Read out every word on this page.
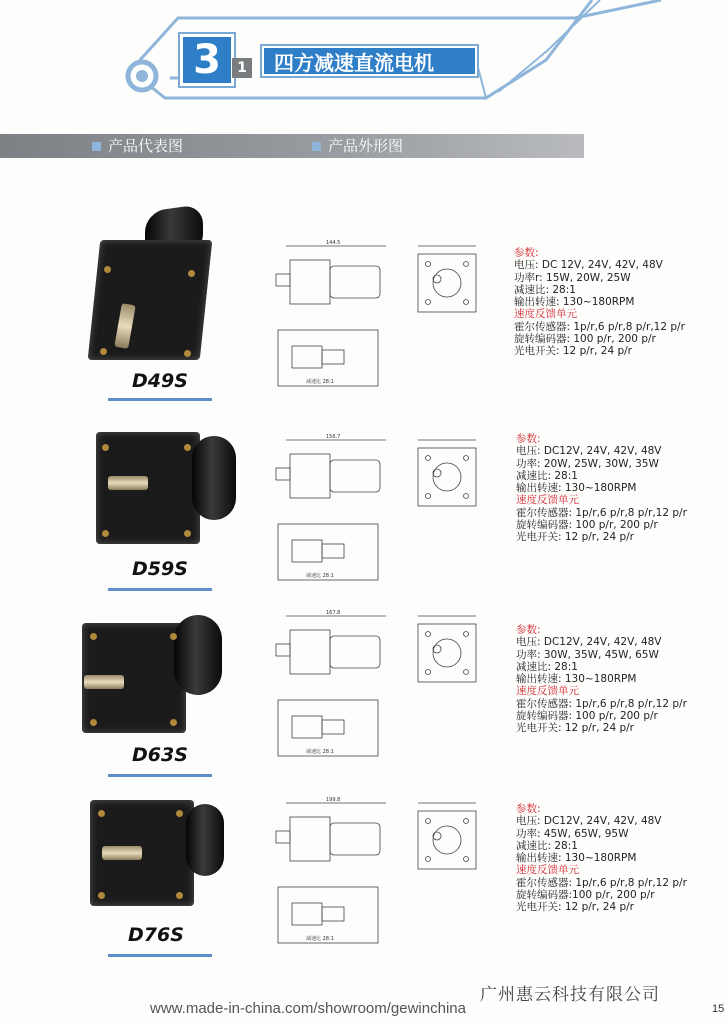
3	1	四方减速直流电机
产品代表图	产品外形图
D49S
D59S
D63S
D76S
144.5
减速比 28:1
156.7
减速比 28:1
167.8
减速比 28:1
199.8
减速比 28:1
参数:
电压: DC 12V, 24V, 42V, 48V
功率r: 15W, 20W, 25W
减速比: 28:1
输出转速: 130~180RPM
速度反馈单元
霍尔传感器: 1p/r,6 p/r,8 p/r,12 p/r
旋转编码器: 100 p/r, 200 p/r
光电开关: 12 p/r, 24 p/r
参数:
电压: DC12V, 24V, 42V, 48V
功率: 20W, 25W, 30W, 35W
减速比: 28:1
输出转速: 130~180RPM
速度反馈单元
霍尔传感器: 1p/r,6 p/r,8 p/r,12 p/r
旋转编码器: 100 p/r, 200 p/r
光电开关: 12 p/r, 24 p/r
参数:
电压: DC12V, 24V, 42V, 48V
功率: 30W, 35W, 45W, 65W
减速比: 28:1
输出转速: 130~180RPM
速度反馈单元
霍尔传感器: 1p/r,6 p/r,8 p/r,12 p/r
旋转编码器: 100 p/r, 200 p/r
光电开关: 12 p/r, 24 p/r
参数:
电压: DC12V, 24V, 42V, 48V
功率: 45W, 65W, 95W
减速比: 28:1
输出转速: 130~180RPM
速度反馈单元
霍尔传感器: 1p/r,6 p/r,8 p/r,12 p/r
旋转编码器:100 p/r, 200 p/r
光电开关: 12 p/r, 24 p/r
广州惠云科技有限公司
www.made-in-china.com/showroom/gewinchina	15
